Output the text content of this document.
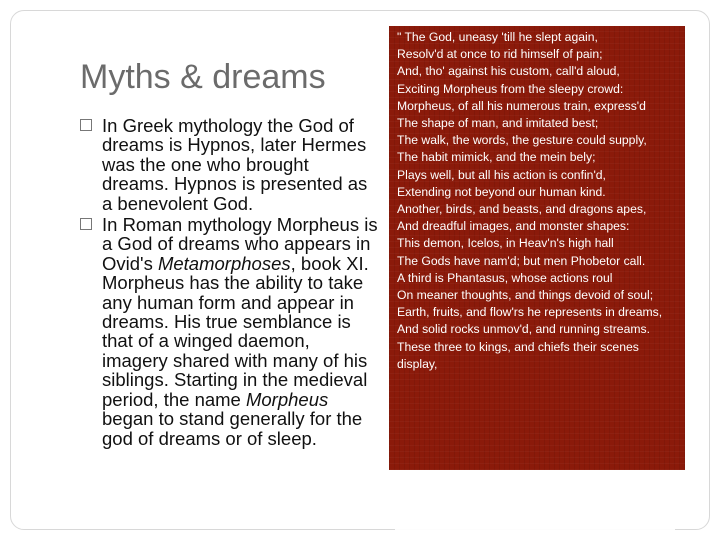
Myths & dreams
In Greek mythology the God of dreams is Hypnos, later Hermes was the one who brought dreams. Hypnos is presented as a benevolent God.
In Roman mythology Morpheus is a God of dreams who appears in Ovid's Metamorphoses, book XI. Morpheus has the ability to take any human form and appear in dreams. His true semblance is that of a winged daemon, imagery shared with many of his siblings. Starting in the medieval period, the name Morpheus began to stand generally for the god of dreams or of sleep.

" The God, uneasy 'till he slept again,
Resolv'd at once to rid himself of pain;
And, tho' against his custom, call'd aloud,
Exciting Morpheus from the sleepy crowd:
Morpheus, of all his numerous train, express'd
The shape of man, and imitated best;
The walk, the words, the gesture could supply,
The habit mimick, and the mein bely;
Plays well, but all his action is confin'd,
Extending not beyond our human kind.
Another, birds, and beasts, and dragons apes,
And dreadful images, and monster shapes:
This demon, Icelos, in Heav'n's high hall
The Gods have nam'd; but men Phobetor call.
A third is Phantasus, whose actions roul
On meaner thoughts, and things devoid of soul;
Earth, fruits, and flow'rs he represents in dreams,
And solid rocks unmov'd, and running streams.
These three to kings, and chiefs their scenes display,
